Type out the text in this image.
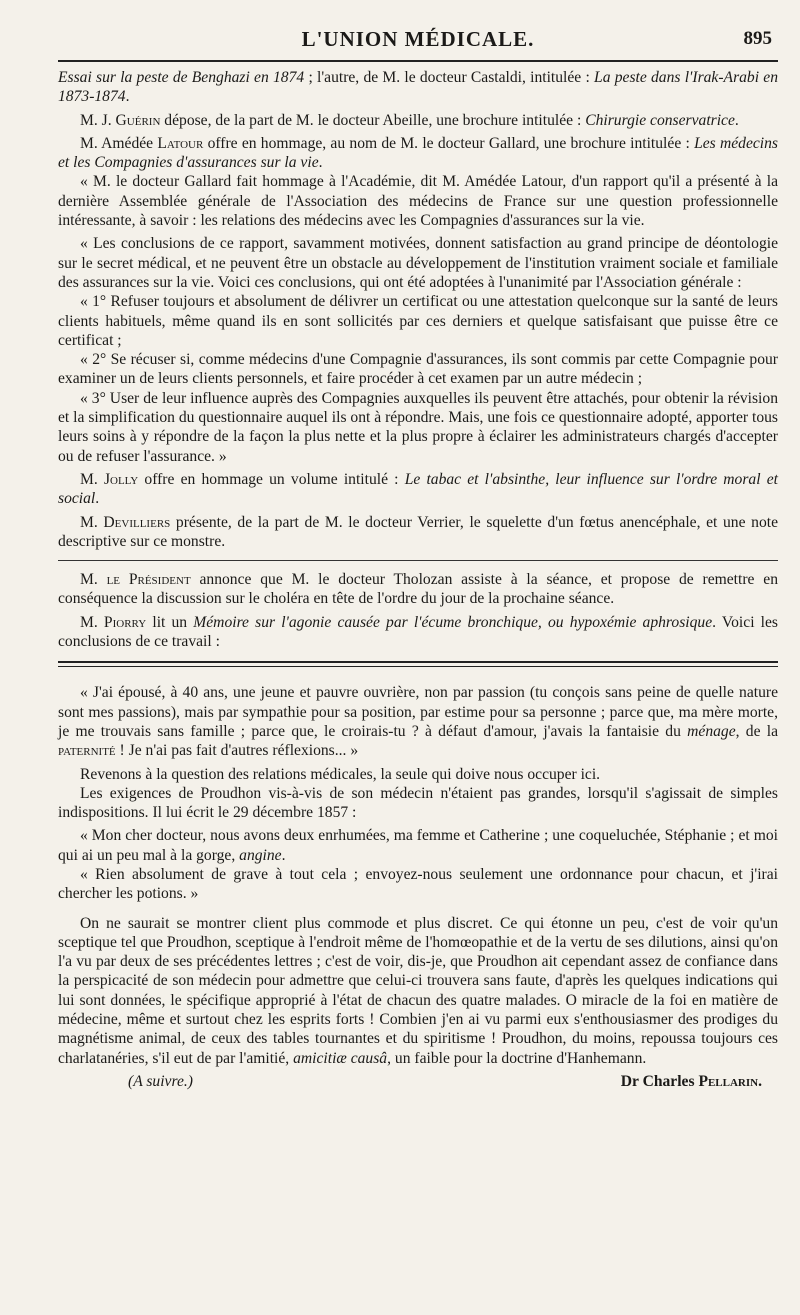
L'UNION MÉDICALE.	895

Essai sur la peste de Benghazi en 1874 ; l'autre, de M. le docteur Castaldi, intitulée : La peste dans l'Irak-Arabi en 1873-1874.

M. J. Guérin dépose, de la part de M. le docteur Abeille, une brochure intitulée : Chirurgie conservatrice.

M. Amédée Latour offre en hommage, au nom de M. le docteur Gallard, une brochure intitulée : Les médecins et les Compagnies d'assurances sur la vie.

« M. le docteur Gallard fait hommage à l'Académie, dit M. Amédée Latour, d'un rapport qu'il a présenté à la dernière Assemblée générale de l'Association des médecins de France sur une question professionnelle intéressante, à savoir : les relations des médecins avec les Compagnies d'assurances sur la vie.

« Les conclusions de ce rapport, savamment motivées, donnent satisfaction au grand principe de déontologie sur le secret médical, et ne peuvent être un obstacle au développement de l'institution vraiment sociale et familiale des assurances sur la vie. Voici ces conclusions, qui ont été adoptées à l'unanimité par l'Association générale :

« 1° Refuser toujours et absolument de délivrer un certificat ou une attestation quelconque sur la santé de leurs clients habituels, même quand ils en sont sollicités par ces derniers et quelque satisfaisant que puisse être ce certificat ;

« 2° Se récuser si, comme médecins d'une Compagnie d'assurances, ils sont commis par cette Compagnie pour examiner un de leurs clients personnels, et faire procéder à cet examen par un autre médecin ;

« 3° User de leur influence auprès des Compagnies auxquelles ils peuvent être attachés, pour obtenir la révision et la simplification du questionnaire auquel ils ont à répondre. Mais, une fois ce questionnaire adopté, apporter tous leurs soins à y répondre de la façon la plus nette et la plus propre à éclairer les administrateurs chargés d'accepter ou de refuser l'assurance. »

M. Jolly offre en hommage un volume intitulé : Le tabac et l'absinthe, leur influence sur l'ordre moral et social.

M. Devilliers présente, de la part de M. le docteur Verrier, le squelette d'un fœtus anencéphale, et une note descriptive sur ce monstre.

M. le Président annonce que M. le docteur Tholozan assiste à la séance, et propose de remettre en conséquence la discussion sur le choléra en tête de l'ordre du jour de la prochaine séance.

M. Piorry lit un Mémoire sur l'agonie causée par l'écume bronchique, ou hypoxémie aphrosique. Voici les conclusions de ce travail :

« J'ai épousé, à 40 ans, une jeune et pauvre ouvrière, non par passion (tu conçois sans peine de quelle nature sont mes passions), mais par sympathie pour sa position, par estime pour sa personne ; parce que, ma mère morte, je me trouvais sans famille ; parce que, le croirais-tu ? à défaut d'amour, j'avais la fantaisie du ménage, de la paternité ! Je n'ai pas fait d'autres réflexions... »

Revenons à la question des relations médicales, la seule qui doive nous occuper ici.

Les exigences de Proudhon vis-à-vis de son médecin n'étaient pas grandes, lorsqu'il s'agissait de simples indispositions. Il lui écrit le 29 décembre 1857 :

« Mon cher docteur, nous avons deux enrhumées, ma femme et Catherine ; une coqueluchée, Stéphanie ; et moi qui ai un peu mal à la gorge, angine.

« Rien absolument de grave à tout cela ; envoyez-nous seulement une ordonnance pour chacun, et j'irai chercher les potions. »

On ne saurait se montrer client plus commode et plus discret. Ce qui étonne un peu, c'est de voir qu'un sceptique tel que Proudhon, sceptique à l'endroit même de l'homœopathie et de la vertu de ses dilutions, ainsi qu'on l'a vu par deux de ses précédentes lettres ; c'est de voir, dis-je, que Proudhon ait cependant assez de confiance dans la perspicacité de son médecin pour admettre que celui-ci trouvera sans faute, d'après les quelques indications qui lui sont données, le spécifique approprié à l'état de chacun des quatre malades. O miracle de la foi en matière de médecine, même et surtout chez les esprits forts ! Combien j'en ai vu parmi eux s'enthousiasmer des prodiges du magnétisme animal, de ceux des tables tournantes et du spiritisme ! Proudhon, du moins, repoussa toujours ces charlatanéries, s'il eut de par l'amitié, amicitiæ causâ, un faible pour la doctrine d'Hanhemann.

(A suivre.)	Dr Charles Pellarin.
